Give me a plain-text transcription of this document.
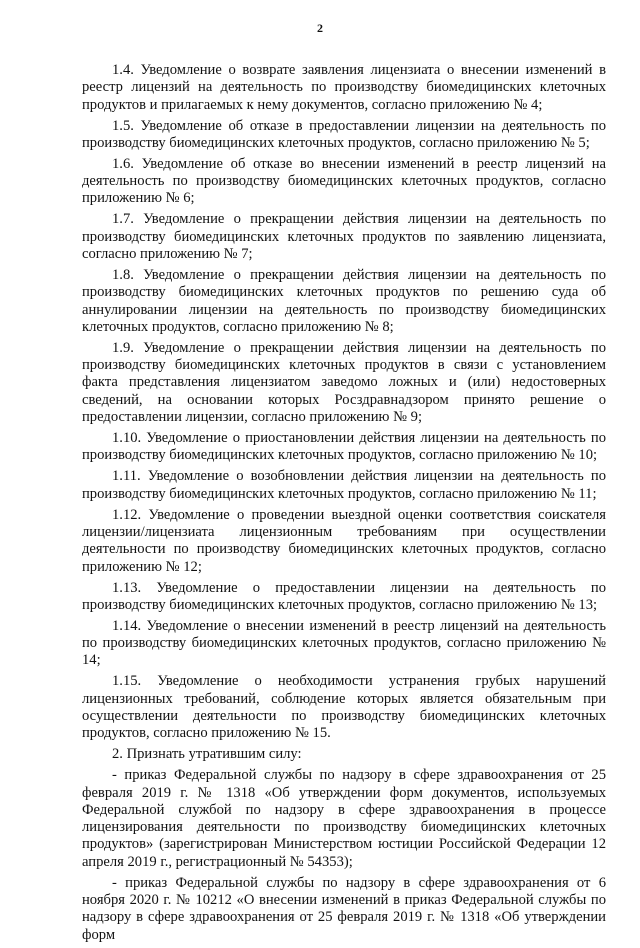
2

1.4. Уведомление о возврате заявления лицензиата о внесении изменений в реестр лицензий на деятельность по производству биомедицинских клеточных продуктов и прилагаемых к нему документов, согласно приложению № 4;

1.5. Уведомление об отказе в предоставлении лицензии на деятельность по производству биомедицинских клеточных продуктов, согласно приложению № 5;

1.6. Уведомление об отказе во внесении изменений в реестр лицензий на деятельность по производству биомедицинских клеточных продуктов, согласно приложению № 6;

1.7. Уведомление о прекращении действия лицензии на деятельность по производству биомедицинских клеточных продуктов по заявлению лицензиата, согласно приложению № 7;

1.8. Уведомление о прекращении действия лицензии на деятельность по производству биомедицинских клеточных продуктов по решению суда об аннулировании лицензии на деятельность по производству биомедицинских клеточных продуктов, согласно приложению № 8;

1.9. Уведомление о прекращении действия лицензии на деятельность по производству биомедицинских клеточных продуктов в связи с установлением факта представления лицензиатом заведомо ложных и (или) недостоверных сведений, на основании которых Росздравнадзором принято решение о предоставлении лицензии, согласно приложению № 9;

1.10. Уведомление о приостановлении действия лицензии на деятельность по производству биомедицинских клеточных продуктов, согласно приложению № 10;

1.11. Уведомление о возобновлении действия лицензии на деятельность по производству биомедицинских клеточных продуктов, согласно приложению № 11;

1.12. Уведомление о проведении выездной оценки соответствия соискателя лицензии/лицензиата лицензионным требованиям при осуществлении деятельности по производству биомедицинских клеточных продуктов, согласно приложению № 12;

1.13. Уведомление о предоставлении лицензии на деятельность по производству биомедицинских клеточных продуктов, согласно приложению № 13;

1.14. Уведомление о внесении изменений в реестр лицензий на деятельность по производству биомедицинских клеточных продуктов, согласно приложению № 14;

1.15. Уведомление о необходимости устранения грубых нарушений лицензионных требований, соблюдение которых является обязательным при осуществлении деятельности по производству биомедицинских клеточных продуктов, согласно приложению № 15.

2. Признать утратившим силу:

- приказ Федеральной службы по надзору в сфере здравоохранения от 25 февраля 2019 г. № 1318 «Об утверждении форм документов, используемых Федеральной службой по надзору в сфере здравоохранения в процессе лицензирования деятельности по производству биомедицинских клеточных продуктов» (зарегистрирован Министерством юстиции Российской Федерации 12 апреля 2019 г., регистрационный № 54353);

- приказ Федеральной службы по надзору в сфере здравоохранения от 6 ноября 2020 г. № 10212 «О внесении изменений в приказ Федеральной службы по надзору в сфере здравоохранения от 25 февраля 2019 г. № 1318 «Об утверждении форм
